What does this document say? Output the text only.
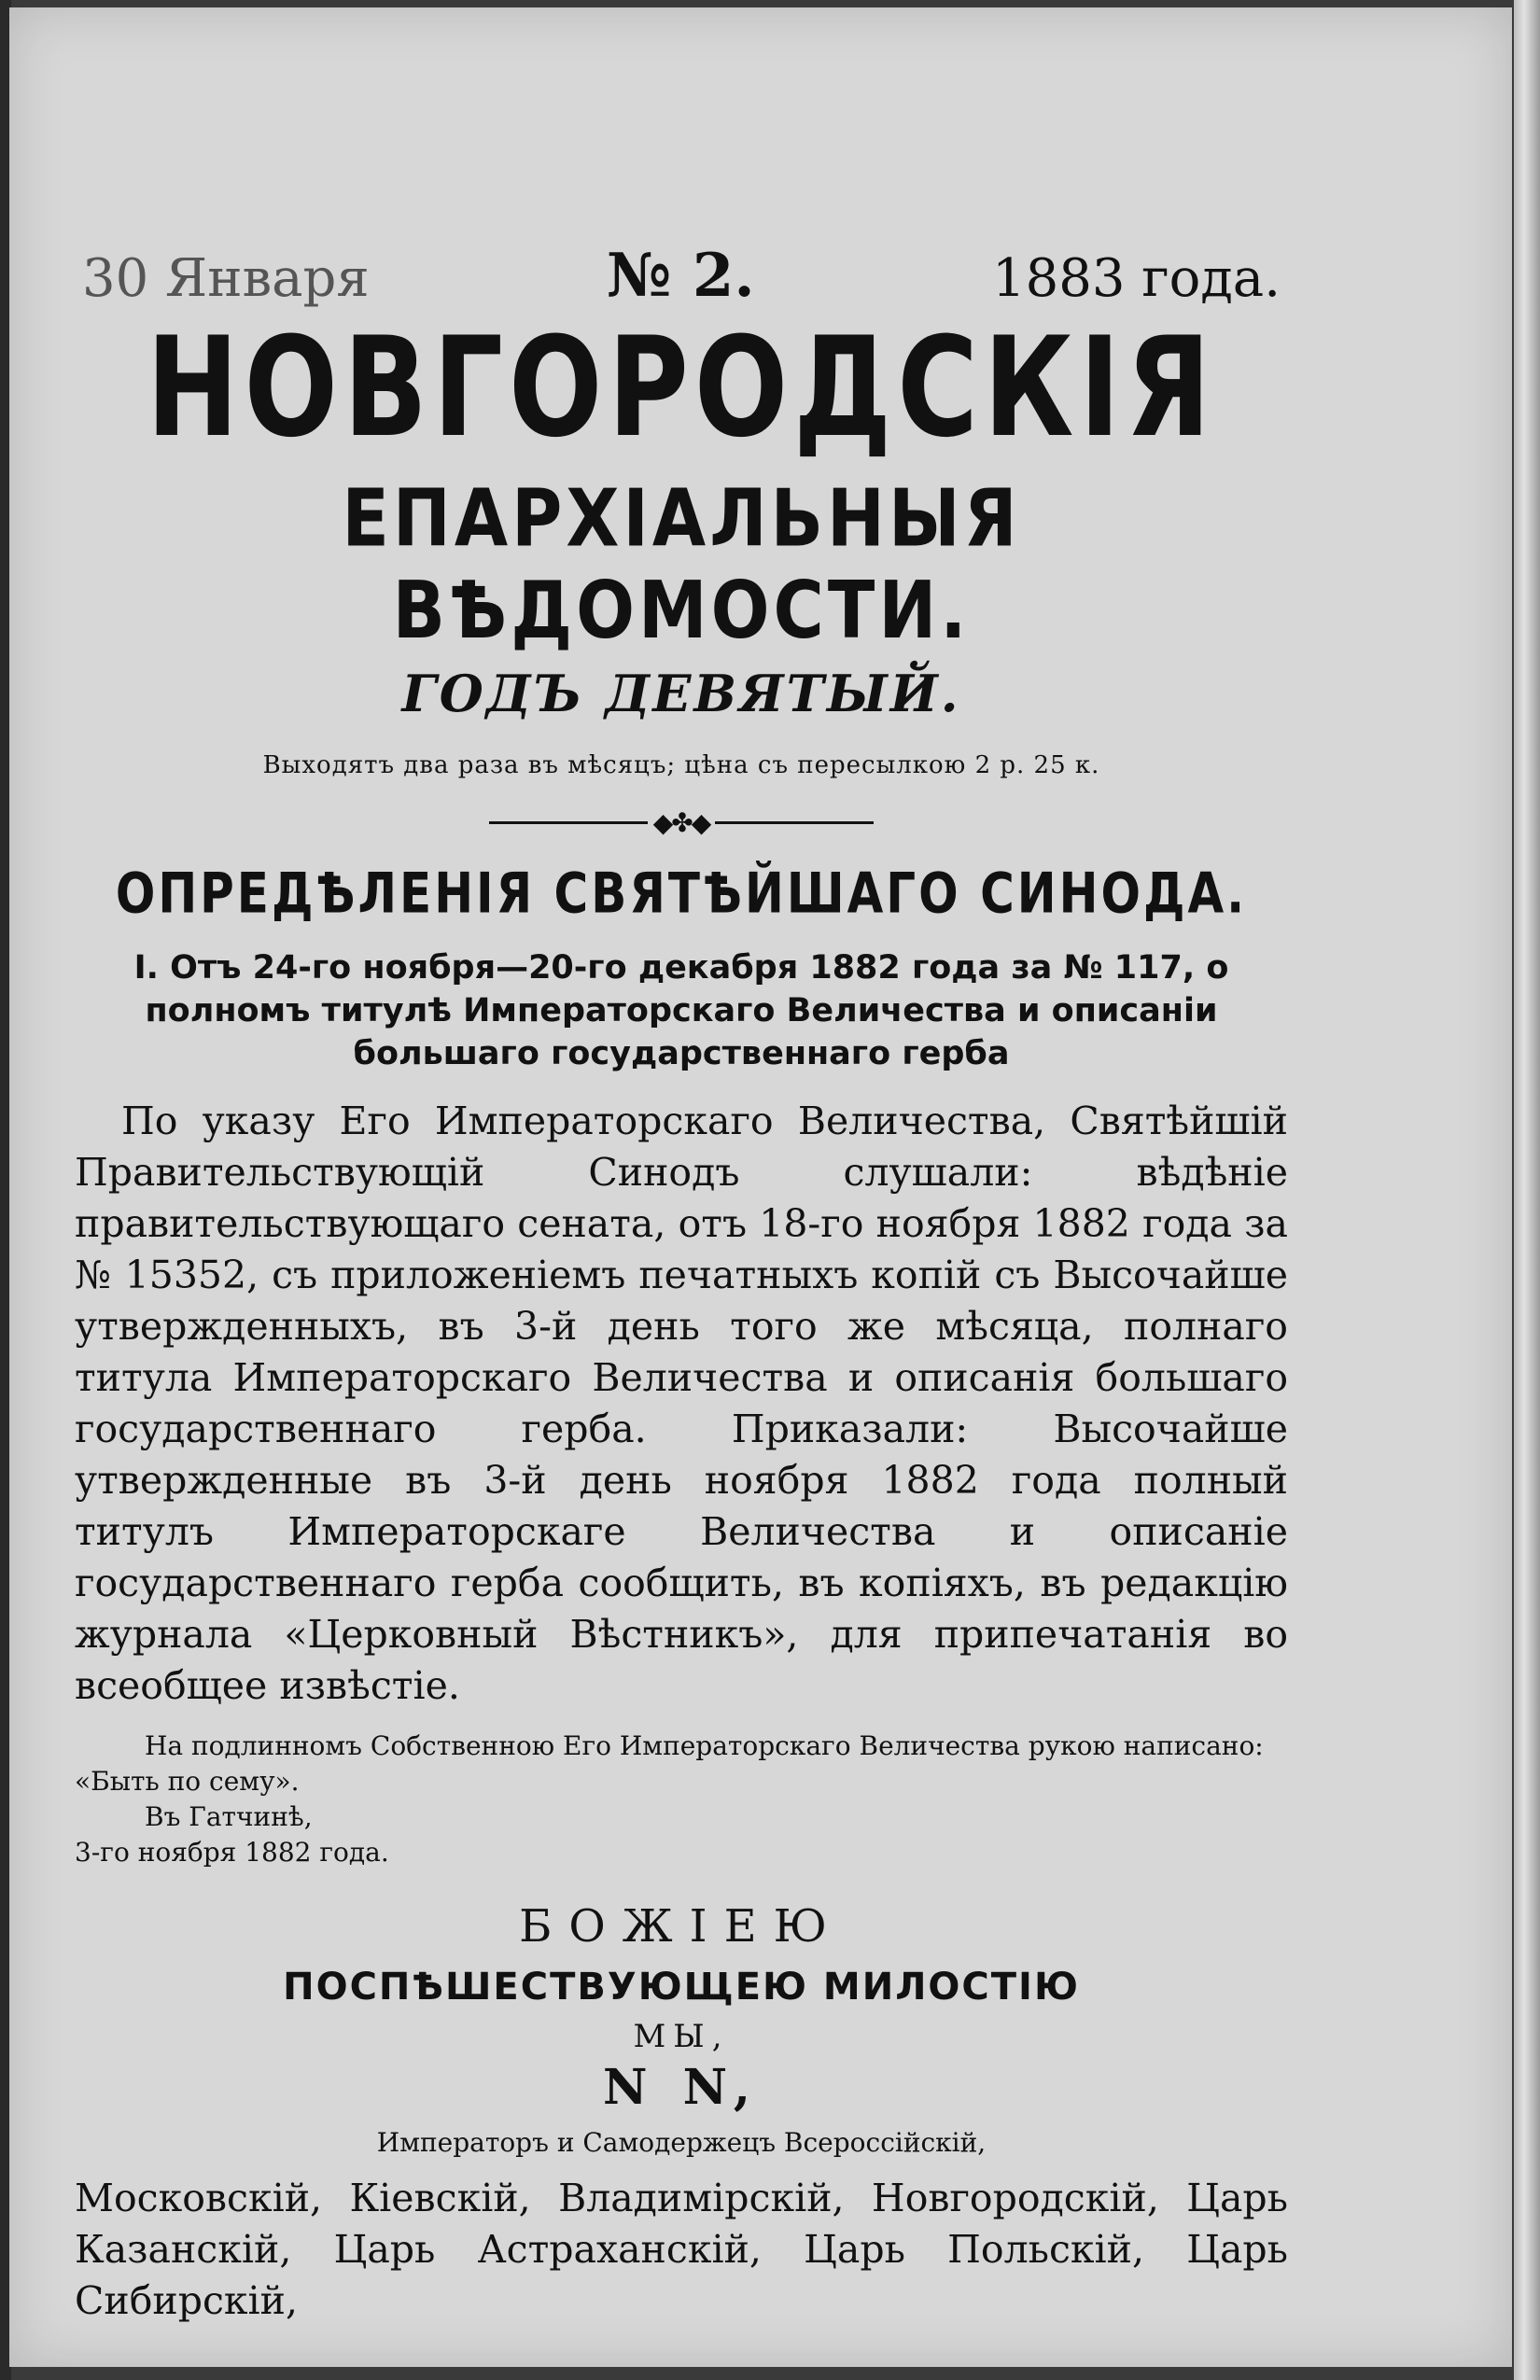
30 Января	№ 2.	1883 года.
НОВГОРОДСКІЯ
ЕПАРХІАЛЬНЫЯ ВѢДОМОСТИ.
ГОДЪ ДЕВЯТЫЙ.
Выходятъ два раза въ мѣсяцъ; цѣна съ пересылкою 2 р. 25 к.
◆✤◆
ОПРЕДѢЛЕНІЯ СВЯТѢЙШАГО СИНОДА.
I. Отъ 24-го ноября—20-го декабря 1882 года за № 117, о полномъ титулѣ Императорскаго Величества и описаніи большаго государственнаго герба
По указу Его Императорскаго Величества, Святѣйшій Правительствующій Синодъ слушали: вѣдѣніе правительствующаго сената, отъ 18-го ноября 1882 года за № 15352, съ приложеніемъ печатныхъ копій съ Высочайше утвержденныхъ, въ 3-й день того же мѣсяца, полнаго титула Императорскаго Величества и описанія большаго государственнаго герба. Приказали: Высочайше утвержденные въ 3-й день ноября 1882 года полный титулъ Императорскаге Величества и описаніе государственнаго герба сообщить, въ копіяхъ, въ редакцію журнала «Церковный Вѣстникъ», для припечатанія во всеобщее извѣстіе.
На подлинномъ Собственною Его Императорскаго Величества рукою написано:
«Быть по сему».
Въ Гатчинѣ,
3-го ноября 1882 года.
БОЖІЕЮ
ПОСПѢШЕСТВУЮЩЕЮ МИЛОСТІЮ
МЫ,
N N,
Императоръ и Самодержецъ Всероссійскій,
Московскій, Кіевскій, Владимірскій, Новгородскій, Царь Казанскій, Царь Астраханскій, Царь Польскій, Царь Сибирскій,
